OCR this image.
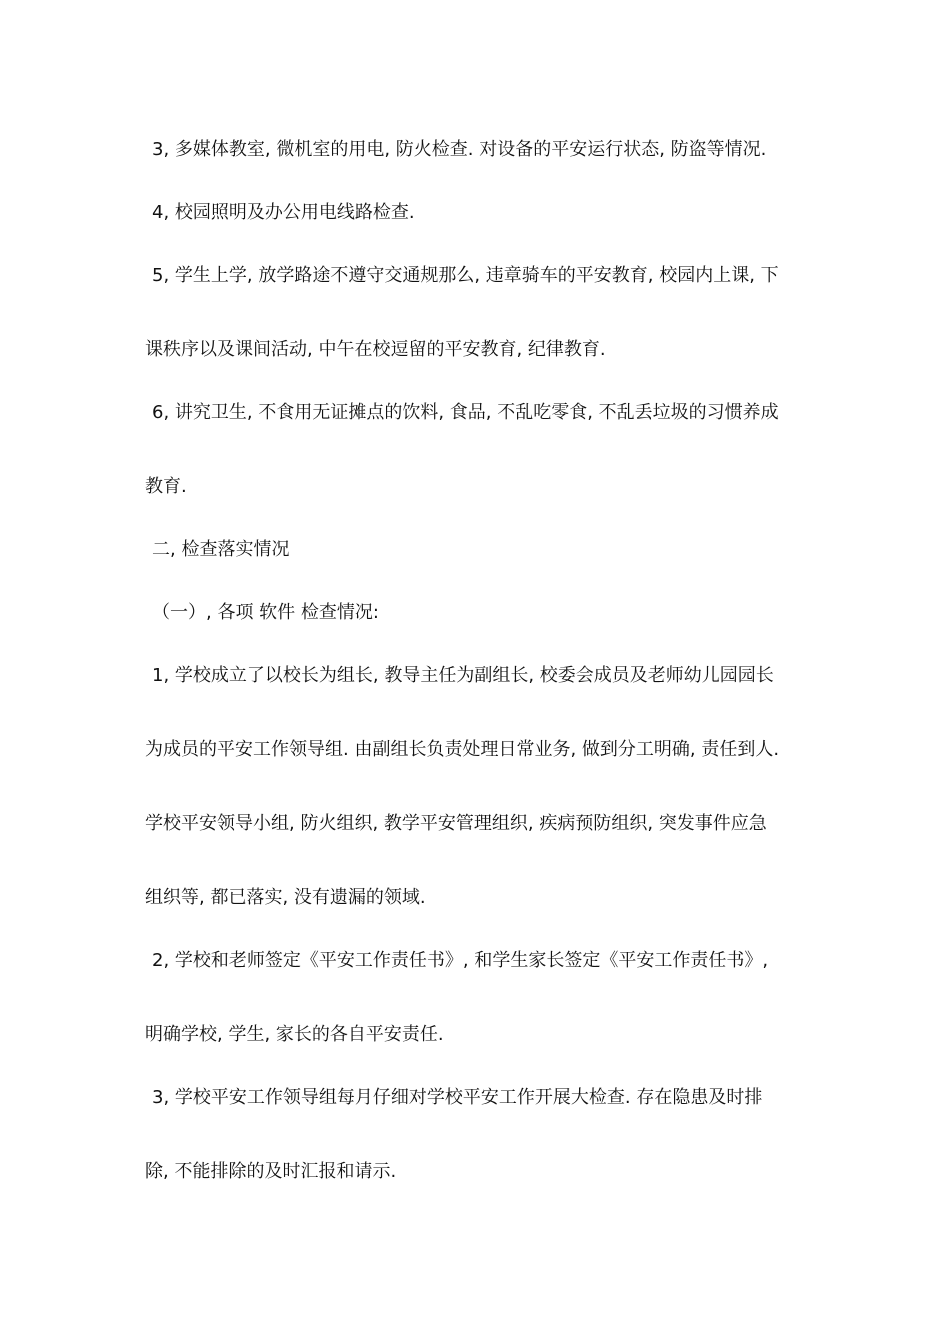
3, 多媒体教室, 微机室的用电, 防火检查. 对设备的平安运行状态, 防盗等情况.
4, 校园照明及办公用电线路检查.
5, 学生上学, 放学路途不遵守交通规那么, 违章骑车的平安教育, 校园内上课, 下
课秩序以及课间活动, 中午在校逗留的平安教育, 纪律教育.
6, 讲究卫生, 不食用无证摊点的饮料, 食品, 不乱吃零食, 不乱丢垃圾的习惯养成
教育.
二, 检查落实情况
（一）, 各项 软件 检查情况:
1, 学校成立了以校长为组长, 教导主任为副组长, 校委会成员及老师幼儿园园长
为成员的平安工作领导组. 由副组长负责处理日常业务, 做到分工明确, 责任到人.
学校平安领导小组, 防火组织, 教学平安管理组织, 疾病预防组织, 突发事件应急
组织等, 都已落实, 没有遗漏的领域.
2, 学校和老师签定《平安工作责任书》, 和学生家长签定《平安工作责任书》,
明确学校, 学生, 家长的各自平安责任.
3, 学校平安工作领导组每月仔细对学校平安工作开展大检查. 存在隐患及时排
除, 不能排除的及时汇报和请示.
